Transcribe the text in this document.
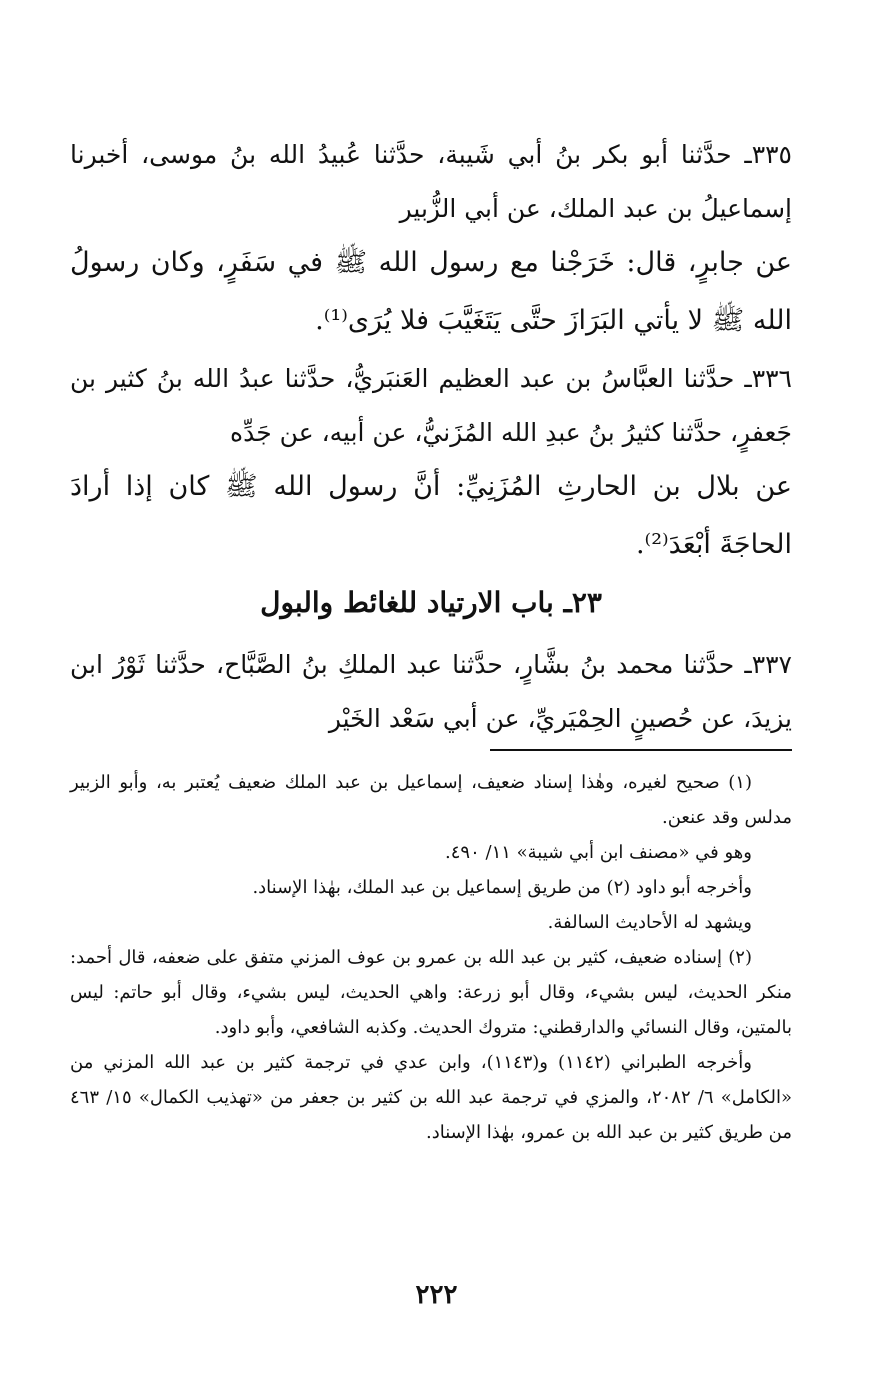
٣٣٥ـ حدَّثنا أبو بكر بنُ أبي شَيبة، حدَّثنا عُبيدُ الله بنُ موسى، أخبرنا إسماعيلُ بن عبد الملك، عن أبي الزُّبير

عن جابرٍ، قال: خَرَجْنا مع رسول الله ﷺ في سَفَرٍ، وكان رسولُ الله ﷺ لا يأتي البَرَازَ حتَّى يَتَغَيَّبَ فلا يُرَى⁽¹⁾.

٣٣٦ـ حدَّثنا العبَّاسُ بن عبد العظيم العَنبَريُّ، حدَّثنا عبدُ الله بنُ كثير بن جَعفرٍ، حدَّثنا كثيرُ بنُ عبدِ الله المُزَنيُّ، عن أبيه، عن جَدِّه

عن بلال بن الحارثِ المُزَنِيِّ: أنَّ رسول الله ﷺ كان إذا أرادَ الحاجَةَ أبْعَدَ⁽²⁾.

٢٣ـ باب الارتياد للغائط والبول

٣٣٧ـ حدَّثنا محمد بنُ بشَّارٍ، حدَّثنا عبد الملكِ بنُ الصَّبَّاح، حدَّثنا ثَوْرُ ابن يزيدَ، عن حُصينٍ الحِمْيَريِّ، عن أبي سَعْد الخَيْر

(١) صحيح لغيره، وهٰذا إسناد ضعيف، إسماعيل بن عبد الملك ضعيف يُعتبر به، وأبو الزبير مدلس وقد عنعن.

وهو في «مصنف ابن أبي شيبة» ١١/ ٤٩٠.

وأخرجه أبو داود (٢) من طريق إسماعيل بن عبد الملك، بهٰذا الإسناد.

ويشهد له الأحاديث السالفة.

(٢) إسناده ضعيف، كثير بن عبد الله بن عمرو بن عوف المزني متفق على ضعفه، قال أحمد: منكر الحديث، ليس بشيء، وقال أبو زرعة: واهي الحديث، ليس بشيء، وقال أبو حاتم: ليس بالمتين، وقال النسائي والدارقطني: متروك الحديث. وكذبه الشافعي، وأبو داود.

وأخرجه الطبراني (١١٤٢) و(١١٤٣)، وابن عدي في ترجمة كثير بن عبد الله المزني من «الكامل» ٦/ ٢٠٨٢، والمزي في ترجمة عبد الله بن كثير بن جعفر من «تهذيب الكمال» ١٥/ ٤٦٣ من طريق كثير بن عبد الله بن عمرو، بهٰذا الإسناد.

٢٢٢
